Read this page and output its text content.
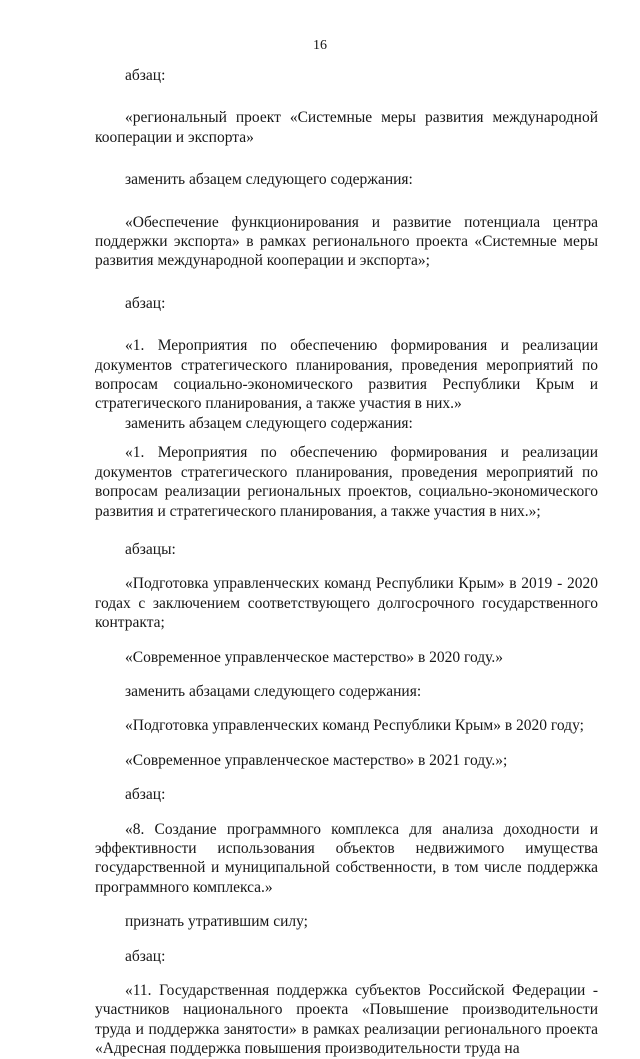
16

абзац:

«региональный проект «Системные меры развития международной кооперации и экспорта»

заменить абзацем следующего содержания:

«Обеспечение функционирования и развитие потенциала центра поддержки экспорта» в рамках регионального проекта «Системные меры развития международной кооперации и экспорта»;

абзац:

«1. Мероприятия по обеспечению формирования и реализации документов стратегического планирования, проведения мероприятий по вопросам социально-экономического развития Республики Крым и стратегического планирования, а также участия в них.»

заменить абзацем следующего содержания:

«1. Мероприятия по обеспечению формирования и реализации документов стратегического планирования, проведения мероприятий по вопросам реализации региональных проектов, социально-экономического развития и стратегического планирования, а также участия в них.»;

абзацы:

«Подготовка управленческих команд Республики Крым» в 2019 - 2020 годах с заключением соответствующего долгосрочного государственного контракта;

«Современное управленческое мастерство» в 2020 году.»

заменить абзацами следующего содержания:

«Подготовка управленческих команд Республики Крым» в 2020 году;

«Современное управленческое мастерство» в 2021 году.»;

абзац:

«8. Создание программного комплекса для анализа доходности и эффективности использования объектов недвижимого имущества государственной и муниципальной собственности, в том числе поддержка программного комплекса.»

признать утратившим силу;

абзац:

«11. Государственная поддержка субъектов Российской Федерации - участников национального проекта «Повышение производительности труда и поддержка занятости» в рамках реализации регионального проекта «Адресная поддержка повышения производительности труда на
